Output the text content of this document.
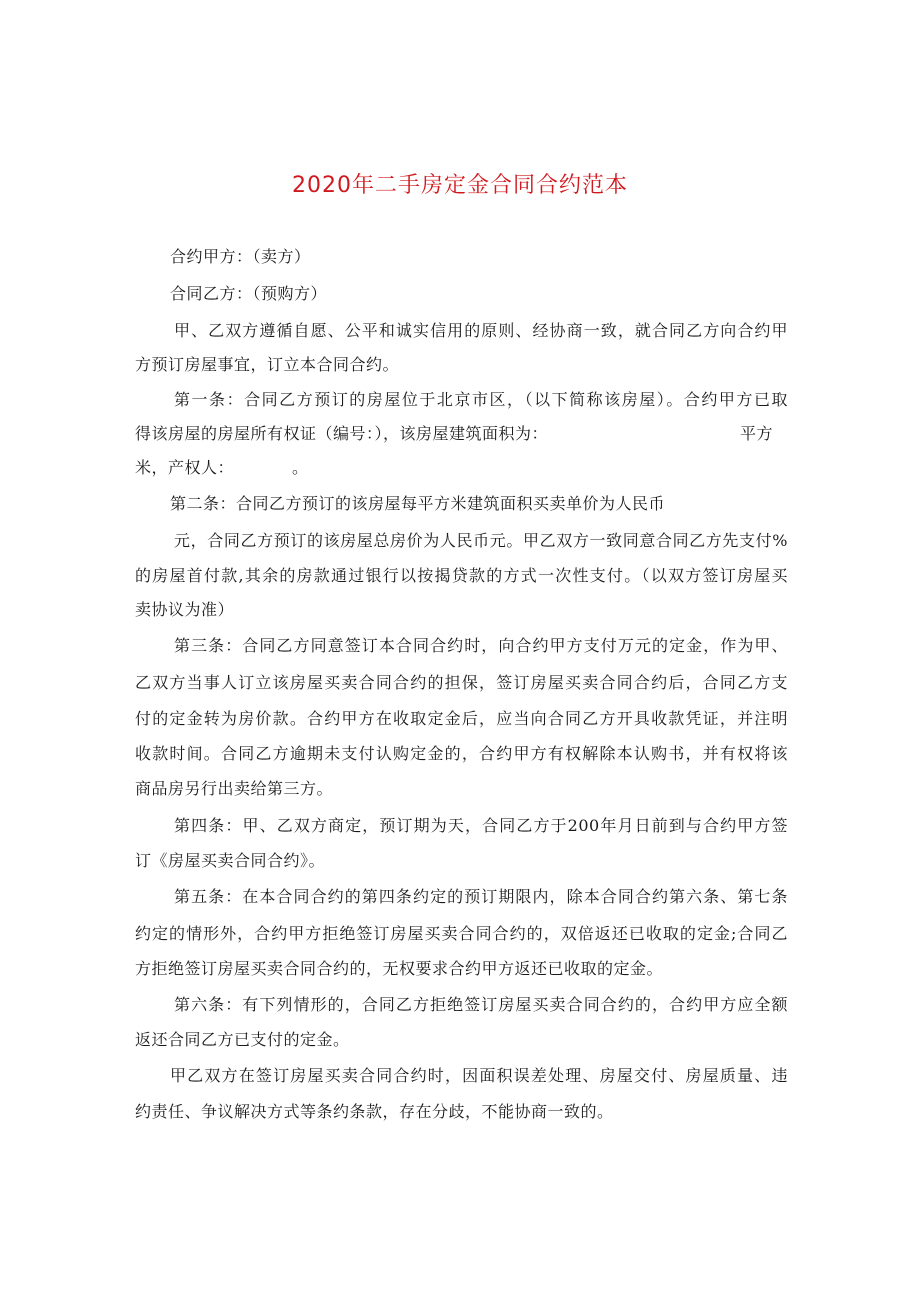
2020年二手房定金合同合约范本
合约甲方：（卖方）
合同乙方：（预购方）
甲、乙双方遵循自愿、公平和诚实信用的原则、经协商一致，就合同乙方向合约甲
方预订房屋事宜，订立本合同合约。
第一条：合同乙方预订的房屋位于北京市区，（以下简称该房屋）。合约甲方已取
得该房屋的房屋所有权证（编号：），该房屋建筑面积为：	平方
米，产权人：	。
第二条：合同乙方预订的该房屋每平方米建筑面积买卖单价为人民币
元，合同乙方预订的该房屋总房价为人民币元。甲乙双方一致同意合同乙方先支付%
的房屋首付款,其余的房款通过银行以按揭贷款的方式一次性支付。（以双方签订房屋买
卖协议为准）
第三条：合同乙方同意签订本合同合约时，向合约甲方支付万元的定金，作为甲、
乙双方当事人订立该房屋买卖合同合约的担保，签订房屋买卖合同合约后，合同乙方支
付的定金转为房价款。合约甲方在收取定金后，应当向合同乙方开具收款凭证，并注明
收款时间。合同乙方逾期未支付认购定金的，合约甲方有权解除本认购书，并有权将该
商品房另行出卖给第三方。
第四条：甲、乙双方商定，预订期为天，合同乙方于200年月日前到与合约甲方签
订《房屋买卖合同合约》。
第五条：在本合同合约的第四条约定的预订期限内，除本合同合约第六条、第七条
约定的情形外，合约甲方拒绝签订房屋买卖合同合约的，双倍返还已收取的定金;合同乙
方拒绝签订房屋买卖合同合约的，无权要求合约甲方返还已收取的定金。
第六条：有下列情形的，合同乙方拒绝签订房屋买卖合同合约的，合约甲方应全额
返还合同乙方已支付的定金。
甲乙双方在签订房屋买卖合同合约时，因面积误差处理、房屋交付、房屋质量、违
约责任、争议解决方式等条约条款，存在分歧，不能协商一致的。
